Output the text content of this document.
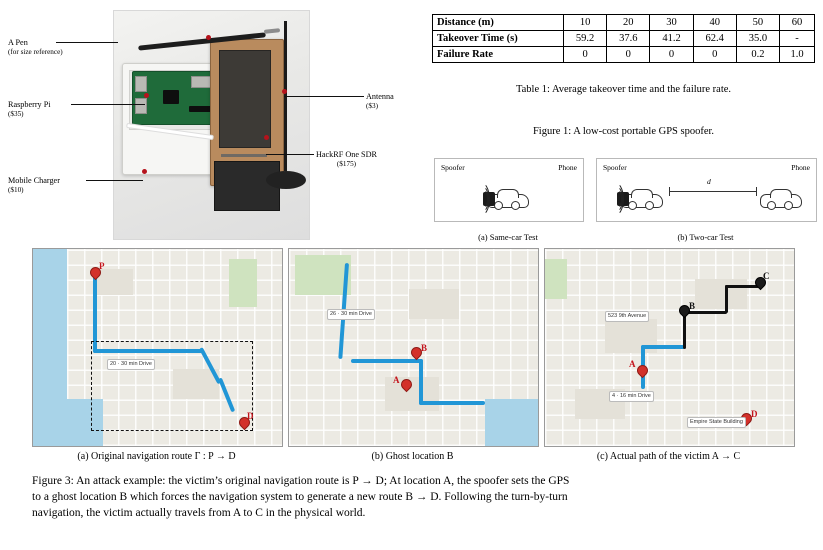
A Pen
(for size reference)
Raspberry Pi
($35)
Mobile Charger
($10)
Antenna
($3)
HackRF One SDR
($175)
Distance (m)	10	20	30	40	50	60
Takeover Time (s)	59.2	37.6	41.2	62.4	35.0	-
Failure Rate	0	0	0	0	0.2	1.0
Table 1: Average takeover time and the failure rate.
Figure 1: A low-cost portable GPS spoofer.
Spoofer	Phone
(a) Same-car Test
Spoofer	Phone
d
(b) Two-car Test
P
D
20 · 30 min Drive
(a) Original navigation route Γ : P → D
B
A
26 · 30 min Drive
(b) Ghost location B
B
A
C
D
523 9th Avenue
4 · 16 min Drive
Empire State Building
(c) Actual path of the victim A → C
Figure 3: An attack example: the victim’s original navigation route is P → D; At location A, the spoofer sets the GPS
to a ghost location B which forces the navigation system to generate a new route B → D. Following the turn-by-turn
navigation, the victim actually travels from A to C in the physical world.
